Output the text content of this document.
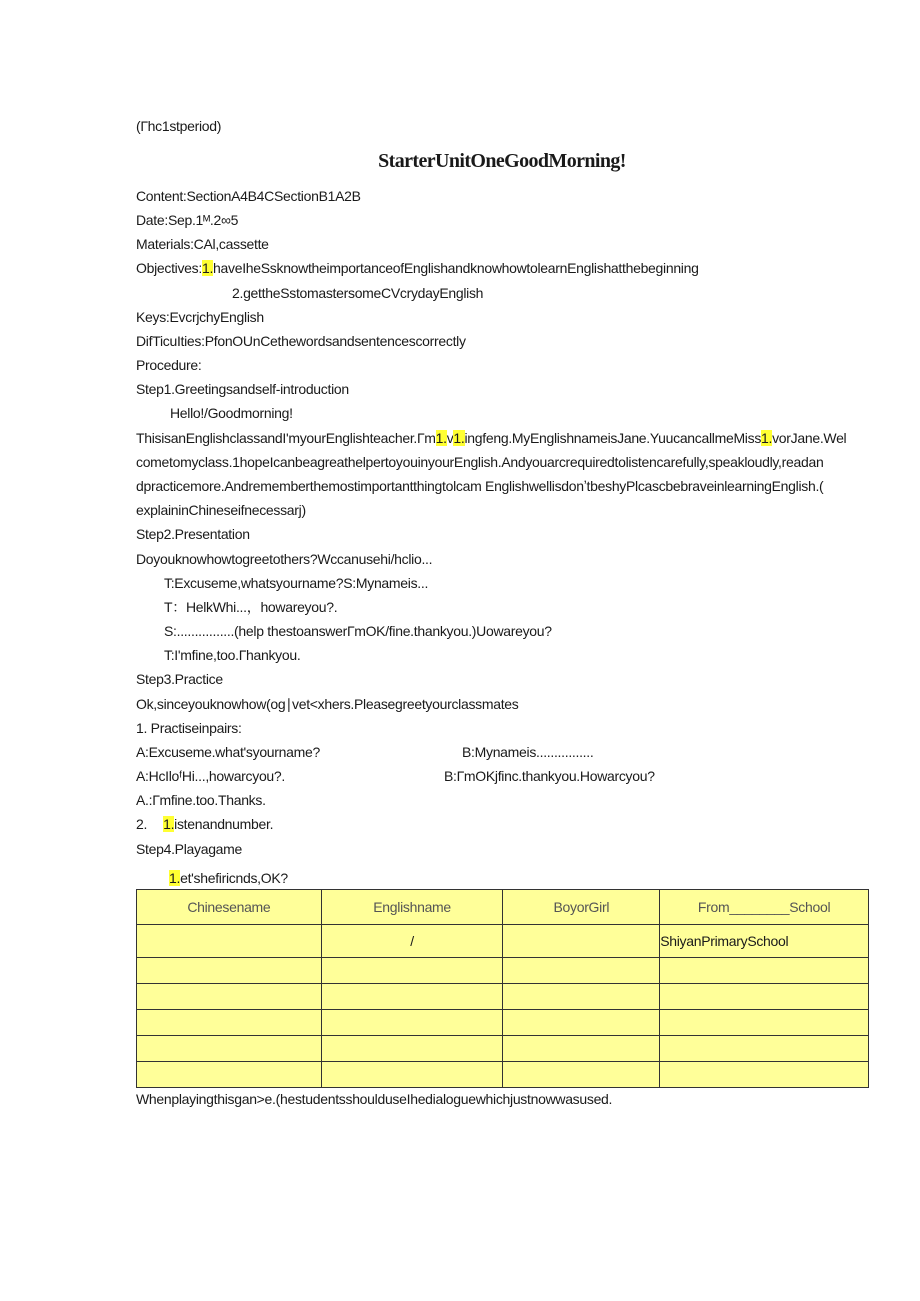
(Гhc1stperiod)
StarterUnitOneGoodMorning!
Content:SectionA4B4CSectionB1A2B
Date:Sep.1ᴹ.2∞5
Materials:CAl,cassette
Objectives:1.haveIheSsknowtheimportanceofEnglishandknowhowtolearnEnglishatthebeginning
2.gettheSstomastersomeCVcrydayEnglish
Keys:EvcrjchyEnglish
DifTicuIties:PfonOUnCethewordsandsentencescorrectly
Procedure:
Step1.Greetingsandself-introduction
Hello!/Goodmorning!
ThisisanEnglishclassandI'myourEnglishteacher.Гm1.v1.ingfeng.MyEnglishnameisJane.YuucancallmeMiss1.vorJane.Wel
cometomyclass.1hopeIcanbeagreathelpertoyouinyourEnglish.Andyouarcrequiredtolistencarefully,speakloudly,readan
dpracticemore.Andrememberthemostimportantthingtolcam EnglishwellisdonʼtbeshyPlcascbebraveinlearningEnglish.(
explaininChineseifnecessarj)
Step2.Presentation
Doyouknowhowtogreetothers?Wccanusehi/hclio...
T:Excuseme,whatsyourname?S:Mynameis...
T：HelkWhi...，howareyou?.
S:................(help thestoanswerГmOK/fine.thankyou.)Uowareyou?
T:I'mfine,too.Гhankyou.
Step3.Practice
Ok,sinceyouknowhow(og∣vet<xhers.Pleasegreetyourclassmates
1. Practiseinpairs:
A:Excuseme.what'syourname?	B:Mynameis................
A:HcIloᶠHi...,howarcyou?.	B:ГmOKjfinc.thankyou.Howarcyou?
A.:Гmfine.too.Thanks.
2. 1.istenandnumber.
Step4.Playagame
1.et'shefiricnds,OK?
Chinesename	Englishname	BoyorGirl	From________School
	/		ShiyanPrimarySchool

Whenplayingthisgan>e.(hestudentsshoulduseIhedialoguewhichjustnowwasused.
